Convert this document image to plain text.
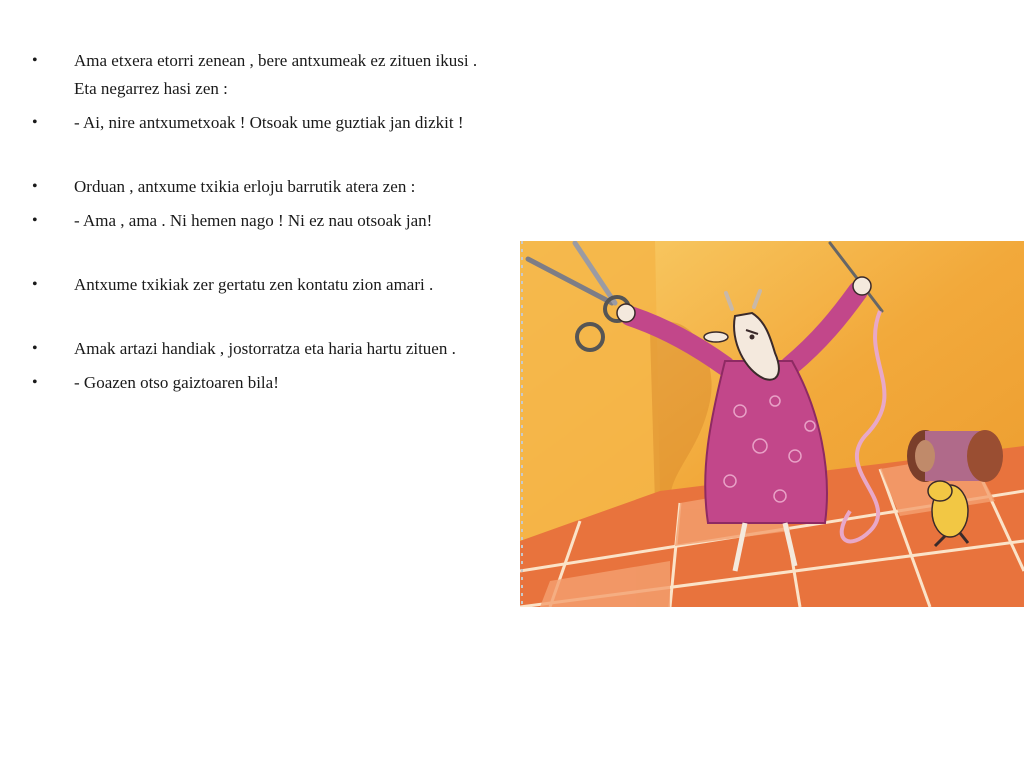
• Ama etxera etorri zenean , bere antxumeak ez zituen ikusi . Eta negarrez hasi zen :
• - Ai, nire antxumetxoak ! Otsoak ume guztiak jan dizkit !
• Orduan , antxume txikia erloju barrutik atera zen :
• - Ama , ama . Ni hemen nago ! Ni ez nau otsoak jan!
• Antxume txikiak zer gertatu zen kontatu zion amari .
• Amak artazi handiak , jostorratza eta haria hartu zituen .
• - Goazen otso gaiztoaren bila!
